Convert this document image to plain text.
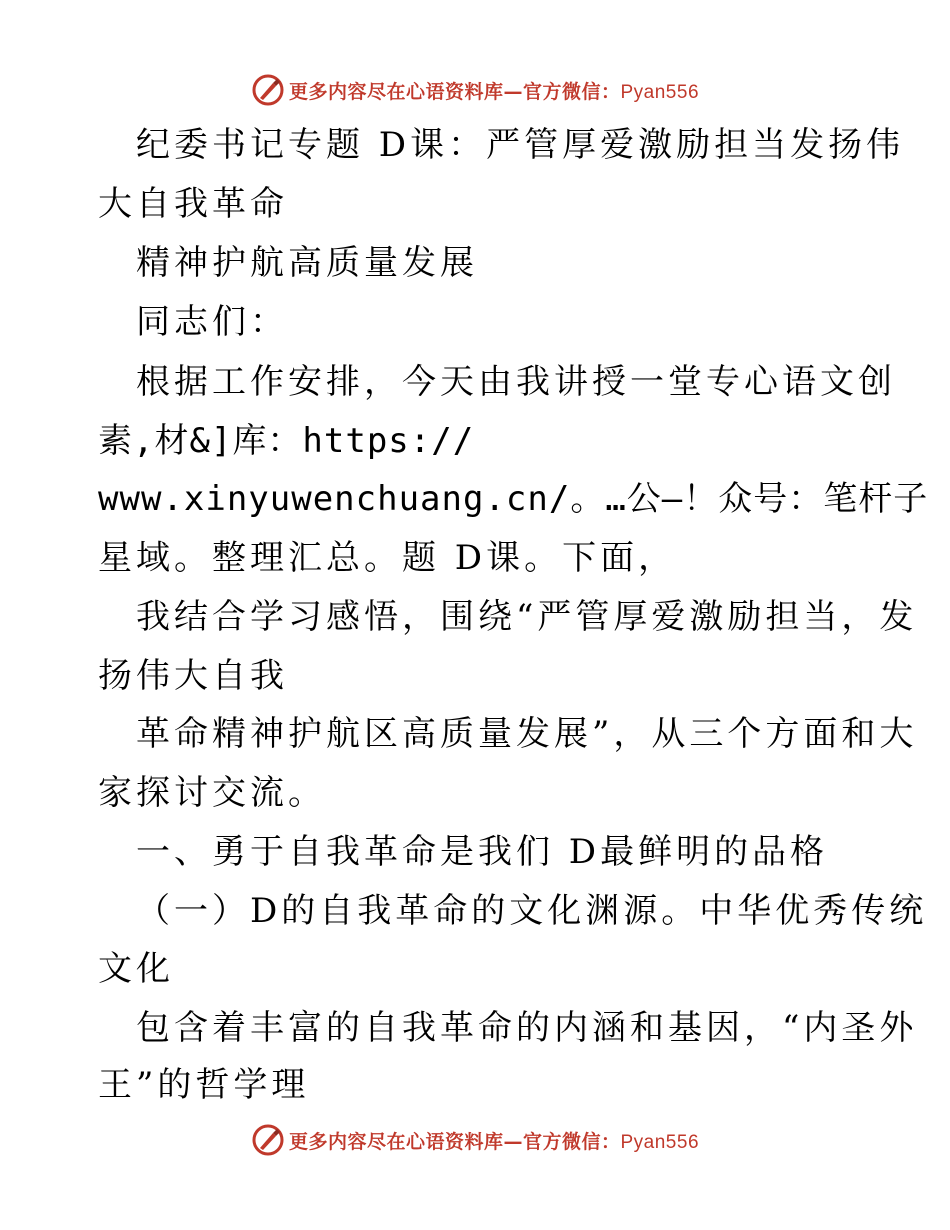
更多内容尽在心语资料库—官方微信：Pyan556
纪委书记专题 D课：严管厚爱激励担当发扬伟
大自我革命
精神护航高质量发展
同志们：
根据工作安排，今天由我讲授一堂专心语文创
素,材&]库：https://
www.xinyuwenchuang.cn/。…公—！众号：笔杆子
星域。整理汇总。题 D课。下面，
我结合学习感悟，围绕“严管厚爱激励担当，发
扬伟大自我
革命精神护航区高质量发展”，从三个方面和大
家探讨交流。
一、勇于自我革命是我们 D最鲜明的品格
（一）D的自我革命的文化渊源。中华优秀传统
文化
包含着丰富的自我革命的内涵和基因，“内圣外
王”的哲学理
更多内容尽在心语资料库—官方微信：Pyan556
